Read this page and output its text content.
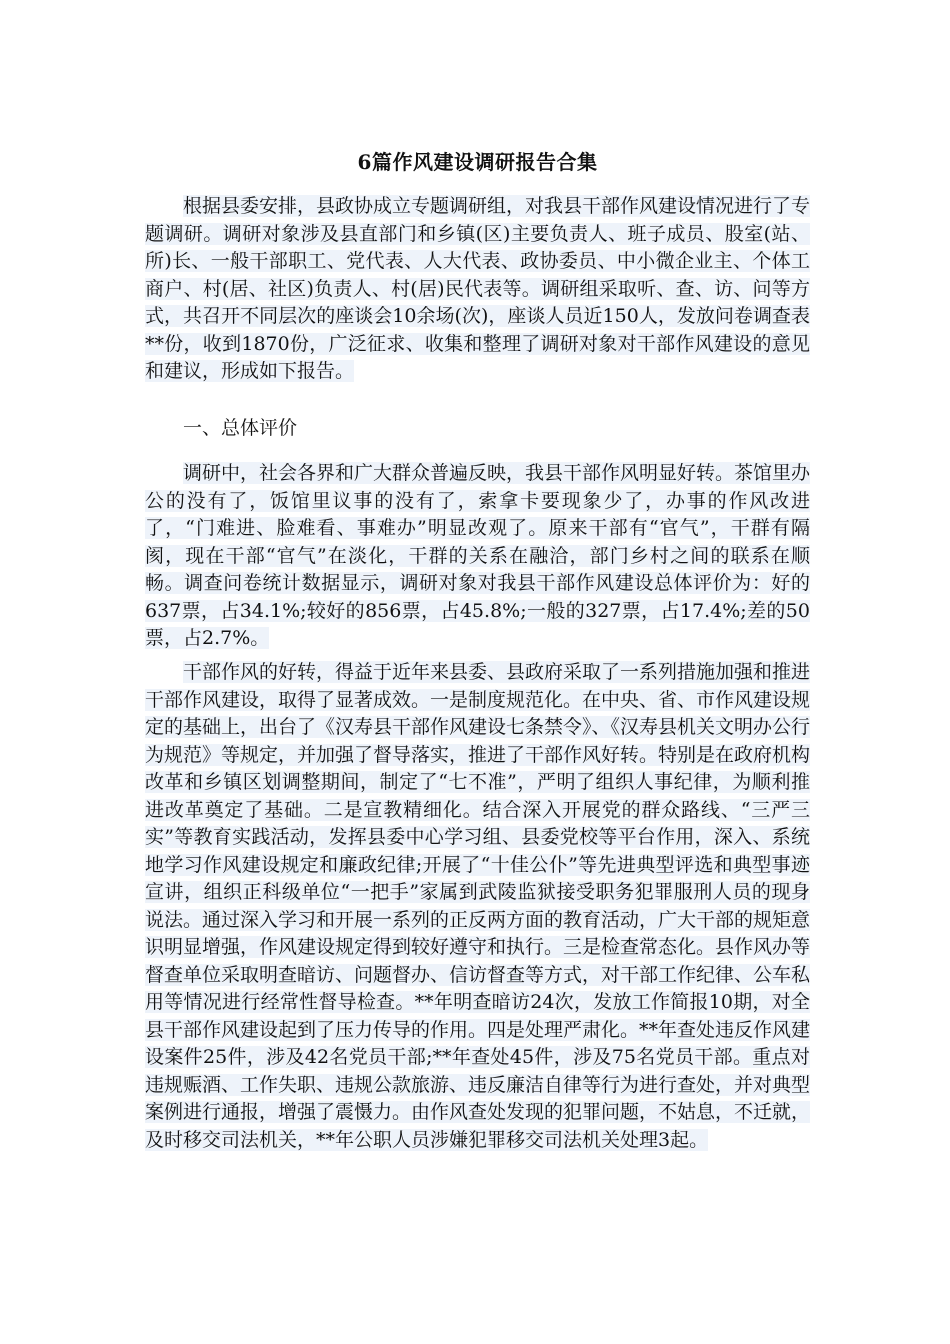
6篇作风建设调研报告合集

根据县委安排，县政协成立专题调研组，对我县干部作风建设情况进行了专题调研。调研对象涉及县直部门和乡镇(区)主要负责人、班子成员、股室(站、所)长、一般干部职工、党代表、人大代表、政协委员、中小微企业主、个体工商户、村(居、社区)负责人、村(居)民代表等。调研组采取听、查、访、问等方式，共召开不同层次的座谈会10余场(次)，座谈人员近150人，发放问卷调查表**份，收到1870份，广泛征求、收集和整理了调研对象对干部作风建设的意见和建议，形成如下报告。

一、总体评价

调研中，社会各界和广大群众普遍反映，我县干部作风明显好转。茶馆里办公的没有了，饭馆里议事的没有了，索拿卡要现象少了，办事的作风改进了，“门难进、脸难看、事难办”明显改观了。原来干部有“官气”，干群有隔阂，现在干部“官气”在淡化，干群的关系在融洽，部门乡村之间的联系在顺畅。调查问卷统计数据显示，调研对象对我县干部作风建设总体评价为：好的637票，占34.1%;较好的856票，占45.8%;一般的327票，占17.4%;差的50票，占2.7%。

干部作风的好转，得益于近年来县委、县政府采取了一系列措施加强和推进干部作风建设，取得了显著成效。一是制度规范化。在中央、省、市作风建设规定的基础上，出台了《汉寿县干部作风建设七条禁令》、《汉寿县机关文明办公行为规范》等规定，并加强了督导落实，推进了干部作风好转。特别是在政府机构改革和乡镇区划调整期间，制定了“七不准”，严明了组织人事纪律，为顺利推进改革奠定了基础。二是宣教精细化。结合深入开展党的群众路线、“三严三实”等教育实践活动，发挥县委中心学习组、县委党校等平台作用，深入、系统地学习作风建设规定和廉政纪律;开展了“十佳公仆”等先进典型评选和典型事迹宣讲，组织正科级单位“一把手”家属到武陵监狱接受职务犯罪服刑人员的现身说法。通过深入学习和开展一系列的正反两方面的教育活动，广大干部的规矩意识明显增强，作风建设规定得到较好遵守和执行。三是检查常态化。县作风办等督查单位采取明查暗访、问题督办、信访督查等方式，对干部工作纪律、公车私用等情况进行经常性督导检查。**年明查暗访24次，发放工作简报10期，对全县干部作风建设起到了压力传导的作用。四是处理严肃化。**年查处违反作风建设案件25件，涉及42名党员干部;**年查处45件，涉及75名党员干部。重点对违规赈酒、工作失职、违规公款旅游、违反廉洁自律等行为进行查处，并对典型案例进行通报，增强了震慑力。由作风查处发现的犯罪问题，不姑息，不迁就，及时移交司法机关，**年公职人员涉嫌犯罪移交司法机关处理3起。
